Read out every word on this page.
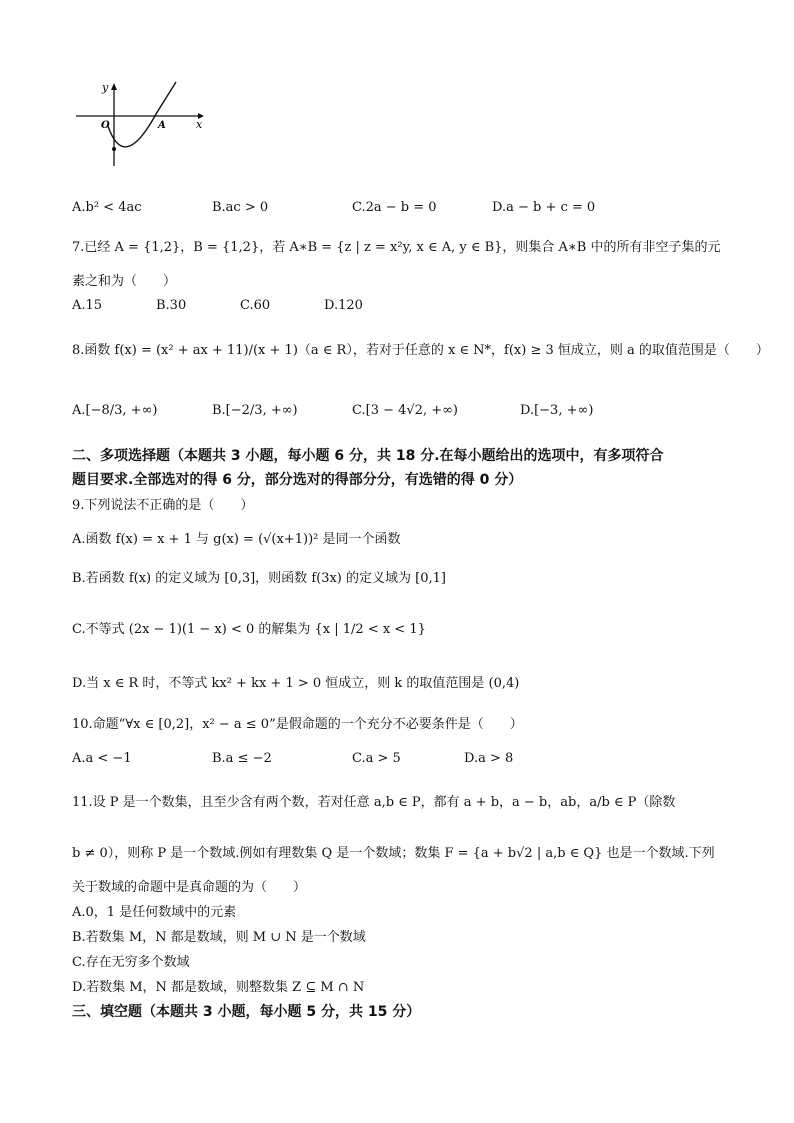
y
x
O	A
A.b² < 4ac	B.ac > 0	C.2a − b = 0	D.a − b + c = 0
7.已经 A = {1,2}，B = {1,2}，若 A∗B = {z | z = x²y, x ∈ A, y ∈ B}，则集合 A∗B 中的所有非空子集的元
素之和为（　　）
A.15	B.30	C.60	D.120
8.函数 f(x) = (x² + ax + 11)/(x + 1)（a ∈ R），若对于任意的 x ∈ N*，f(x) ≥ 3 恒成立，则 a 的取值范围是（　　）
A.[−8/3, +∞)	B.[−2/3, +∞)	C.[3 − 4√2, +∞)	D.[−3, +∞)
二、多项选择题（本题共 3 小题，每小题 6 分，共 18 分.在每小题给出的选项中，有多项符合
题目要求.全部选对的得 6 分，部分选对的得部分分，有选错的得 0 分）
9.下列说法不正确的是（　　）
A.函数 f(x) = x + 1 与 g(x) = (√(x+1))² 是同一个函数
B.若函数 f(x) 的定义域为 [0,3]，则函数 f(3x) 的定义域为 [0,1]
C.不等式 (2x − 1)(1 − x) < 0 的解集为 {x | 1/2 < x < 1}
D.当 x ∈ R 时，不等式 kx² + kx + 1 > 0 恒成立，则 k 的取值范围是 (0,4)
10.命题“∀x ∈ [0,2]，x² − a ≤ 0”是假命题的一个充分不必要条件是（　　）
A.a < −1	B.a ≤ −2	C.a > 5	D.a > 8
11.设 P 是一个数集，且至少含有两个数，若对任意 a,b ∈ P，都有 a + b，a − b，ab，a/b ∈ P（除数
b ≠ 0），则称 P 是一个数域.例如有理数集 Q 是一个数域；数集 F = {a + b√2 | a,b ∈ Q} 也是一个数域.下列
关于数域的命题中是真命题的为（　　）
A.0，1 是任何数域中的元素
B.若数集 M，N 都是数域，则 M ∪ N 是一个数域
C.存在无穷多个数域
D.若数集 M，N 都是数域，则整数集 Z ⊆ M ∩ N
三、填空题（本题共 3 小题，每小题 5 分，共 15 分）
